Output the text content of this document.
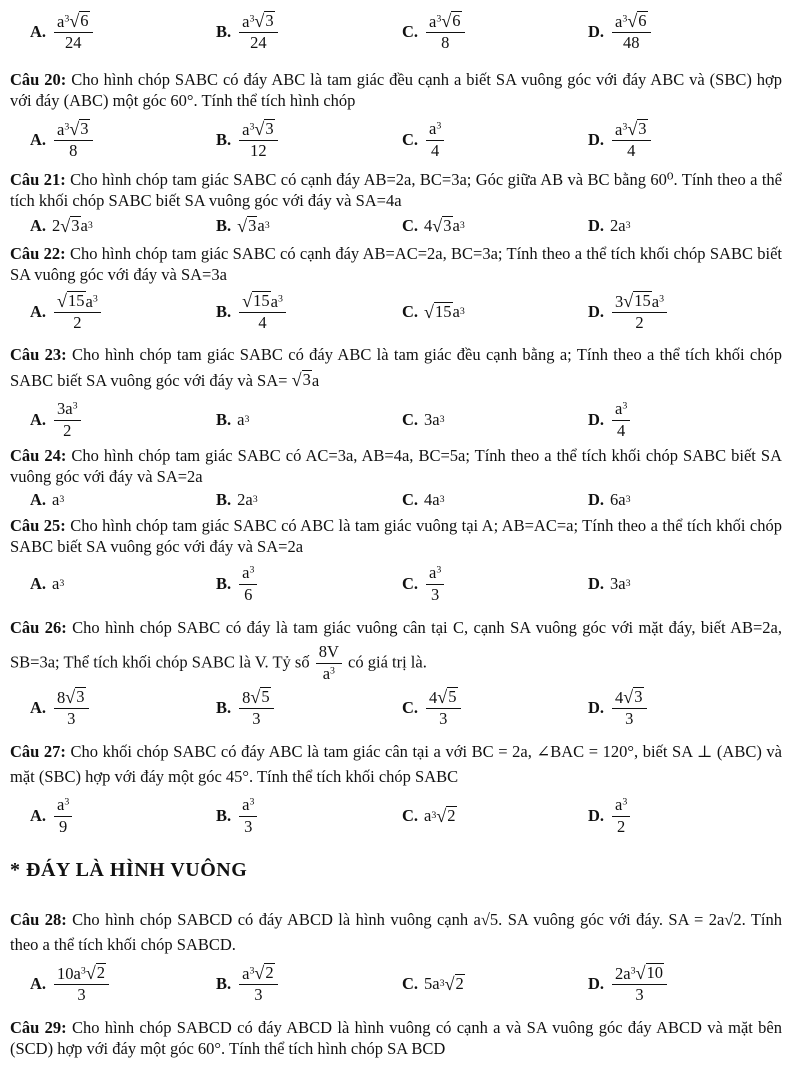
A. $\frac{a^3 √ 6}{24}$	B. $\frac{a^3 √ 3}{24}$	C. $\frac{a^3 √ 6}{8}$	D. $\frac{a^3 √ 6}{48}$
Câu 20: Cho hình chóp SABC có đáy ABC là tam giác đều cạnh a biết SA vuông góc với đáy ABC và (SBC) hợp với đáy (ABC) một góc 60°. Tính thể tích hình chóp
A. $\frac{a^3 √ 3}{8}$	B. $\frac{a^3 √ 3}{12}$	C. $\frac{a^3}{4}$	D. $\frac{a^3 √ 3}{4}$
Câu 21: Cho hình chóp tam giác SABC có cạnh đáy AB=2a, BC=3a; Góc giữa AB và BC bằng 60⁰. Tính theo a thể tích khối chóp SABC biết SA vuông góc với đáy và SA=4a
A. 2 √ 3 a 3	B. √ 3 a 3	C. 4 √ 3 a 3	D. 2a 3
Câu 22: Cho hình chóp tam giác SABC có cạnh đáy AB=AC=2a, BC=3a; Tính theo a thể tích khối chóp SABC biết SA vuông góc với đáy và SA=3a
A. $\frac{√ 15 a^3}{2}$	B. $\frac{√ 15 a^3}{4}$	C. √ 15 a 3	D. $\frac{3 √ 15 a^3}{2}$
Câu 23: Cho hình chóp tam giác SABC có đáy ABC là tam giác đều cạnh bằng a; Tính theo a thể tích khối chóp SABC biết SA vuông góc với đáy và SA= √ 3 a
A. $\frac{3a^3}{2}$	B. a 3	C. 3a 3	D. $\frac{a^3}{4}$
Câu 24: Cho hình chóp tam giác SABC có AC=3a, AB=4a, BC=5a; Tính theo a thể tích khối chóp SABC biết SA vuông góc với đáy và SA=2a
A. a 3	B. 2a 3	C. 4a 3	D. 6a 3
Câu 25: Cho hình chóp tam giác SABC có ABC là tam giác vuông tại A; AB=AC=a; Tính theo a thể tích khối chóp SABC biết SA vuông góc với đáy và SA=2a
A. a 3	B. $\frac{a^3}{6}$	C. $\frac{a^3}{3}$	D. 3a 3
Câu 26: Cho hình chóp SABC có đáy là tam giác vuông cân tại C, cạnh SA vuông góc với mặt đáy, biết AB=2a, SB=3a; Thể tích khối chóp SABC là V. Tỷ số $\frac{8V}{a^3}$ có giá trị là.
A. $\frac{8 √ 3}{3}$	B. $\frac{8 √ 5}{3}$	C. $\frac{4 √ 5}{3}$	D. $\frac{4 √ 3}{3}$
Câu 27: Cho khối chóp SABC có đáy ABC là tam giác cân tại a với BC = 2a, ∠BAC = 120°, biết SA ⊥ (ABC) và mặt (SBC) hợp với đáy một góc 45°. Tính thể tích khối chóp SABC
A. $\frac{a^3}{9}$	B. $\frac{a^3}{3}$	C. a 3 √ 2	D. $\frac{a^3}{2}$
* ĐÁY LÀ HÌNH VUÔNG
Câu 28: Cho hình chóp SABCD có đáy ABCD là hình vuông cạnh a√5. SA vuông góc với đáy. SA = 2a√2. Tính theo a thể tích khối chóp SABCD.
A. $\frac{10a^3 √ 2}{3}$	B. $\frac{a^3 √ 2}{3}$	C. 5a 3 √ 2	D. $\frac{2a^3 √ 10}{3}$
Câu 29: Cho hình chóp SABCD có đáy ABCD là hình vuông có cạnh a và SA vuông góc đáy ABCD và mặt bên (SCD) hợp với đáy một góc 60°. Tính thể tích hình chóp SA BCD
